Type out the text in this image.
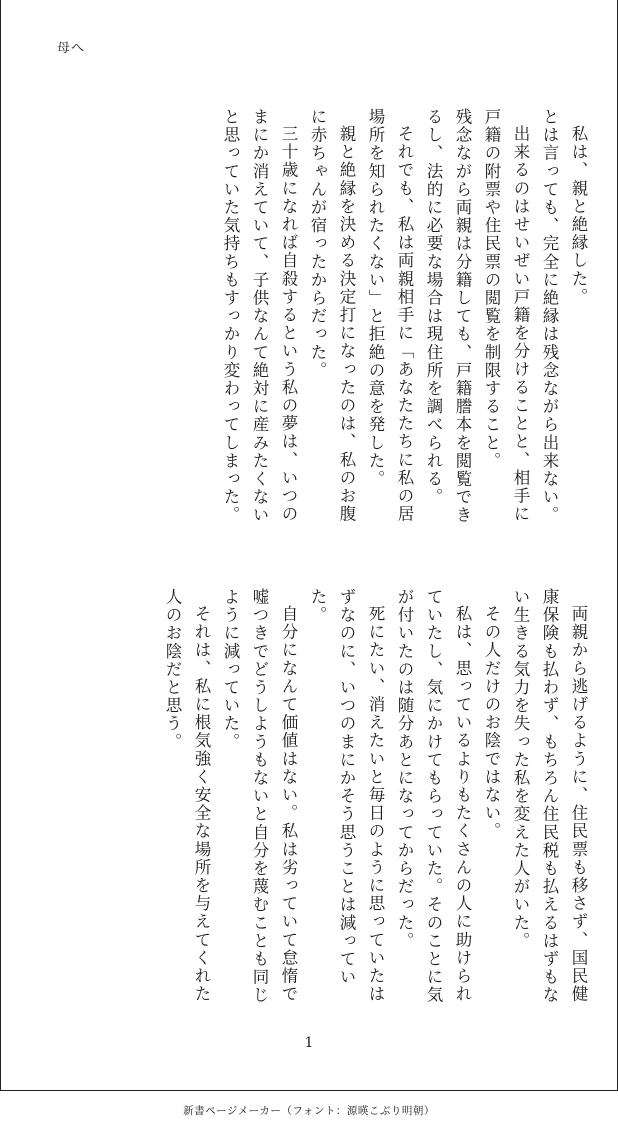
母へ

私は、親と絶縁した。

とは言っても、完全に絶縁は残念ながら出来ない。

出来るのはせいぜい戸籍を分けることと、相手に戸籍の附票や住民票の閲覧を制限すること。

残念ながら両親は分籍しても、戸籍謄本を閲覧できるし、法的に必要な場合は現住所を調べられる。

それでも、私は両親相手に「あなたたちに私の居場所を知られたくない」と拒絶の意を発した。

親と絶縁を決める決定打になったのは、私のお腹に赤ちゃんが宿ったからだった。

三十歳になれば自殺するという私の夢は、いつのまにか消えていて、子供なんて絶対に産みたくないと思っていた気持ちもすっかり変わってしまった。

両親から逃げるように、住民票も移さず、国民健康保険も払わず、もちろん住民税も払えるはずもない生きる気力を失った私を変えた人がいた。

その人だけのお陰ではない。

私は、思っているよりもたくさんの人に助けられていたし、気にかけてもらっていた。そのことに気が付いたのは随分あとになってからだった。

死にたい、消えたいと毎日のように思っていたはずなのに、いつのまにかそう思うことは減っていた。

自分になんて価値はない。私は劣っていて怠惰で嘘つきでどうしようもないと自分を蔑むことも同じように減っていた。

それは、私に根気強く安全な場所を与えてくれた人のお陰だと思う。

1
新書ページメーカー（フォント：源暎こぶり明朝）
